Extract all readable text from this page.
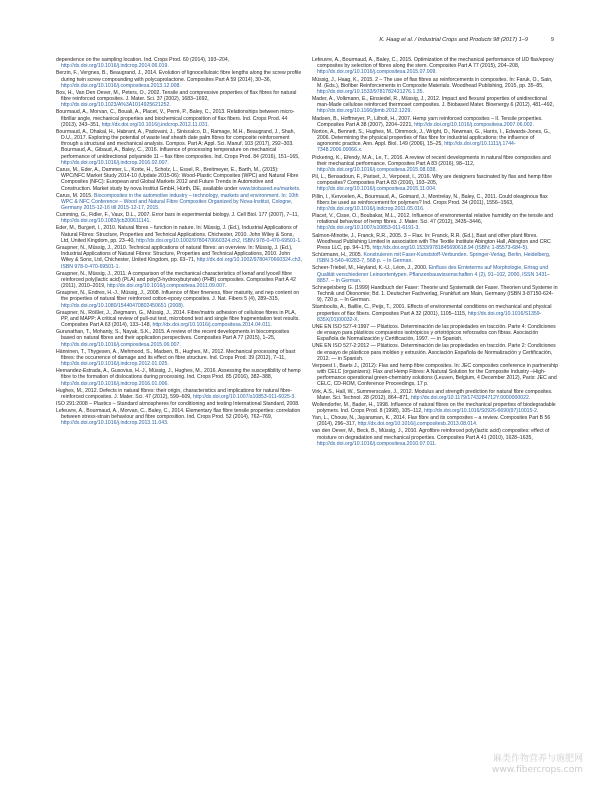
K. Haag et al. / Industrial Crops and Products 98 (2017) 1–9	9
dependence on the sampling location. Ind. Crops Prod. 60 (2014), 193–204, http://dx.doi.org/10.1016/j.indcrop.2014.06.019.
Berzin, F., Vergnes, B., Beaugrand, J., 2014. Evolution of lignocellulosic fibre lengths along the screw profile during twin screw compounding with polycaprolactone. Composites Part A 59 (2014), 30–36, http://dx.doi.org/10.1016/j.compositesa.2013.12.008.
Bos, H., Van Den Oever, M., Peters, O., 2002. Tensile and compressive properties of flax fibres for natural fibre reinforced composites. J. Mater. Sci. 37 (2002), 1683–1692, http://dx.doi.org/10.1023/A%3A1014925621252.
Bourmaud, A., Morvan, C., Bouali, A., Placet, V., Perré, P., Baley, C., 2013. Relationships between micro-fibrillar angle, mechanical properties and biochemical composition of flax fibers. Ind. Crops Prod. 44 (2013), 343–351, http://dx.doi.org/10.1016/j.indcrop.2012.11.031.
Bourmaud, A., Dhakal, H., Habrant, A., Padovani, J., Siniscalco, D., Ramage, M.H., Beaugrand, J., Shah, D.U., 2017. Exploring the potential of waste leaf sheath date palm fibres for composite reinforcement through a structural and mechanical analysis. Compos. Part A: Appl. Sci. Manuf. 103 (2017), 292–303. Bourmaud, A., Gibaud, A., Baley, C., 2016. Influence of processing temperature on mechanical performance of unidirectional polyamide 11 – flax fibre composites. Ind. Crops Prod. 84 (2016), 151–165, http://dx.doi.org/10.1016/j.indcrop.2016.02.007.
Carus, M., Eder, A., Dammer, L., Korte, H., Scholz, L., Essel, R., Breitmeyer, E., Barth, M., (2015): WPC/NFC Market Study 2014-10 (Update 2015-06): Wood-Plastic Composites (WPC) and Natural Fibre Composites (NFC): European and Global Markets 2012 and Future Trends in Automotive and Construction. Market study by nova Institut GmbH, Hürth, DE, available under www.biobased.eu/markets.
Carus, M. 2015. Biocomposites in the automotive industry – technology, markets and environment. In: 10th WPC & NFC Conference – Wood and Natural Fibre Composites Organized by Nova-Institut, Cologne, Germany 2015-12-16 till 2015-12-17, 2015.
Cumming, G., Fidler, F., Vaux, D.L., 2007. Error bars in experimental biology. J. Cell Biol. 177 (2007), 7–11, http://dx.doi.org/10.1083/jcb200611141.
Eder, M., Burgert, I., 2010. Natural fibres – function in nature. In: Müssig, J. (Ed.), Industrial Applications of Natural Fibres: Structure, Properties and Technical Applications. Chichester, 2010. John Wiley & Sons, Ltd, United Kingdom, pp. 23–40, http://dx.doi.org/10.1002/9780470660324.ch2, ISBN 978-0-470-69501-1.
Graupner, N., Müssig, J., 2010. Technical applications of natural fibres: an overview. In: Müssig, J. (Ed.), Industrial Applications of Natural Fibres: Structure, Properties and Technical Applications, 2010. John Wiley & Sons, Ltd, Chichester, United Kingdom, pp. 63–71, http://dx.doi.org/10.1002/9780470660324.ch3, ISBN 978-0-470-69501-1.
Graupner, N., Müssig, J., 2011. A comparison of the mechanical characteristics of kenaf and lyocell fibre reinforced poly(lactic acid) (PLA) and poly(3-hydroxybutyrate) (PHB) composites. Composites Part A 42 (2011), 2010–2019, http://dx.doi.org/10.1016/j.compositesa.2011.09.007.
Graupner, N., Endres, H.-J., Müssig, J., 2008. Influence of fiber fineness, fiber maturity, and nep content on the properties of natural fiber reinforced cotton-epoxy composites. J. Nat. Fibers 5 (4), 289–315, http://dx.doi.org/10.1080/15440470802450651 (2008).
Graupner, N., Rößler, J., Ziegmann, G., Müssig, J., 2014. Fibre/matrix adhesion of cellulose fibres in PLA, PP, and MAPP: A critical review of pull-out test, microbond test and single fibre fragmentation test results. Composites Part A 63 (2014), 133–148, http://dx.doi.org/10.1016/j.compositesa.2014.04.011.
Gurunathan, T., Mohanty, S., Nayak, S.K., 2015. A review of the recent developments in biocomposites based on natural fibres and their application perspectives. Composites Part A 77 (2015), 1–25, http://dx.doi.org/10.1016/j.compositesa.2015.06.007.
Hänninen, T., Thygesen, A., Mehmood, S., Madsen, B., Hughes, M., 2012. Mechanical processing of bast fibres: the occurrence of damage and its effect on fibre structure. Ind. Crops Prod. 39 (2012), 7–11, http://dx.doi.org/10.1016/j.indcrop.2012.01.025.
Hernandez-Estrada, A., Gusovius, H.-J., Müssig, J., Hughes, M., 2016. Assessing the susceptibility of hemp fibre to the formation of dislocations during processing. Ind. Crops Prod. 85 (2016), 382–388, http://dx.doi.org/10.1016/j.indcrop.2016.01.006.
Hughes, M., 2012. Defects in natural fibres: their origin, characteristics and implications for natural fibre-reinforced composites. J. Mater. Sci. 47 (2012), 599–609, http://dx.doi.org/10.1007/s10853-011-6025-3.
ISO 291:2008 – Plastics – Standard atmospheres for conditioning and testing International Standard, 2008.
Lefeuvre, A., Bourmaud, A., Morvan, C., Baley, C., 2014. Elementary flax fibre tensile properties: correlation between stress-strain behaviour and fibre composition. Ind. Crops Prod. 52 (2014), 762–769, http://dx.doi.org/10.1016/j.indcrop.2013.11.043.
Lefeuvre, A., Bourmaud, A., Baley, C., 2015. Optimization of the mechanical performance of UD flax/epoxy composites by selection of fibres along the stem. Composites Part A 77 (2015), 204–208, http://dx.doi.org/10.1016/j.compositesa.2015.07.009.
Müssig, J., Haag, K., 2015. 2 – The use of flax fibres as reinforcements in composites. In: Faruk, O., Sain, M. (Eds.), Biofiber Reinforcements in Composite Materials. Woodhead Publishing, 2015, pp. 35–85, http://dx.doi.org/10.1533/9781782421276.1.35.
Mader, A., Volkmann, E., Einsiedel, R., Müssig, J., 2012. Impact and flexural properties of unidirectional man-Made cellulose reinforced thermoset composites. J. Biobased Mater. Bioenergy 6 (2012), 481–492, http://dx.doi.org/10.1166/jbmb.2012.1229.
Madsen, B., Hoffmeyer, P., Lilholt, H., 2007. Hemp yarn reinforced composites – II. Tensile properties. Composites Part A 38 (2007), 2204–2221, http://dx.doi.org/10.1016/j.compositesa.2007.06.002.
Norton, A., Bennett, S., Hughes, M., Dimmock, J., Wright, D., Newman, G., Harris, I., Edwards-Jones, G., 2006. Determining the physical properties of flax fibre for industrial applications: the influence of agronomic practice. Ann. Appl. Biol. 149 (2006), 15–25, http://dx.doi.org/10.1111/j.1744-7348.2006.00066.x.
Pickering, K., Efendy, M.A., Le, T., 2016. A review of recent developments in natural fibre composites and their mechanical performance. Composites Part A 83 (2016), 98–112, http://dx.doi.org/10.1016/j.compositesa.2015.08.038.
Pil, L., Bensadoun, F., Pariset, J., Verpoest, I., 2016. Why are designers fascinated by flax and hemp fibre composites? Composites Part A 83 (2016), 193–205, http://dx.doi.org/10.1016/j.compositesa.2015.11.004.
Pillin, I., Kervoelen, A., Bourmaud, A., Goimard, J., Montrelay, N., Baley, C., 2011. Could oleaginous flax fibers be used as reinforcement for polymers? Ind. Crops Prod. 34 (2011), 1556–1563, http://dx.doi.org/10.1016/j.indcrop.2011.05.016.
Placet, V., Cisse, O., Boubakar, M.L., 2012. Influence of environmental relative humidity on the tensile and rotational behaviour of hemp fibres. J. Mater. Sci. 47 (2012), 3435–3446, http://dx.doi.org/10.1007/s10853-011-6191-3.
Salmon-Minotte, J., Franck, R.R., 2005. 3 – Flax. In: Franck, R.R. (Ed.), Bast and other plant fibres. Woodhead Publishing Limited in association with The Textile Institute Abington Hall, Abington and CRC Press LLC, pp. 94–175, http://dx.doi.org/10.1533/9781845690618.94 (ISBN: 1-85573-684-5).
Schürmann, H., 2005. Konstruieren mit Faser-Kunststoff-Verbunden. Springer-Verlag, Berlin, Heidelberg, ISBN 3-540-40283-7, 568 p. – In German.
Scheer-Triebel, M., Heyland, K.-U., Léon, J., 2000. Einfluss des Ernteterms auf Morphologie, Ertrag und Qualität verschiedener Leinsortentypen. Pflanzenbauwissenschaften 4 (2), 91–102, 2000, ISSN 1431–8857. – In German.
Schnegelsberg G. (1999) Handbuch der Faser: Theorie und Systematik der Faser. Theorien und Systeme in Technik und Ökonomie; Bd. 1. Deutscher Fachverlag, Frankfurt am Main, Germany (ISBN 3-87150-624-9), 720 p. – In German.
Stamboulis, A., Baillie, C., Peijs, T., 2001. Effects of environmental conditions on mechanical and physical properties of flax fibers. Composites Part A 32 (2001), 1105–1115, http://dx.doi.org/10.1016/S1359-835X(01)00032-X.
UNE EN ISO 527-4:1997 — Plásticos. Determinación de las propiedades en tracción. Parte 4: Condiciones de ensayo para plásticos compuestos isotrópicos y ortotrópicos reforzados con fibras. Asociación Española de Normalización y Certificación, 1997. — in Spanish.
UNE EN ISO 527-2:2012 — Plásticos. Determinación de las propiedades en tracción. Parte 2: Condiciones de ensayo de plásticos para moldeo y extrusión. Asociación Española de Normalización y Certificación, 2012. — in Spanish.
Verpoest I., Baets J., (2012): Flax and hemp fibre composites. In: JEC composites conference in partnership with CELC (organizers): Flax and Hemp Fibres: A Natural Solution for the Composite Industry –High-performance operational green-chemistry solutions (Leuven, Belgium, 4 December 2012), Paris: JEC and CELC, CD-ROM, Conference Proceedings, 17 p.
Virk, A.S., Hall, W., Summerscales, J., 2012. Modulus and strength prediction for natural fibre composites. Mater. Sci. Technol. 28 (2012), 864–871, http://dx.doi.org/10.1179/1743284712Y.0000000022.
Wollendorfer, M., Bader, H., 1998. Influence of natural fibres on the mechanical properties of biodegradable polymers. Ind. Crops Prod. 8 (1998), 105–112, http://dx.doi.org/10.1016/S0926-6690(97)10015-2.
Yan, L., Chouw, N., Jayaraman, K., 2014. Flax fibre and its composites – a review. Composites Part B 56 (2014), 296–317, http://dx.doi.org/10.1016/j.compositesb.2013.08.014.
van den Oever, M., Beck, B., Müssig, J., 2010. Agrofibre reinforced poly(lactic acid) composites: effect of moisture on degradation and mechanical properties. Composites Part A 41 (2010), 1628–1635, http://dx.doi.org/10.1016/j.compositesa.2010.07.011.
麻类作物营养与施肥网
www.fibercrops.com
